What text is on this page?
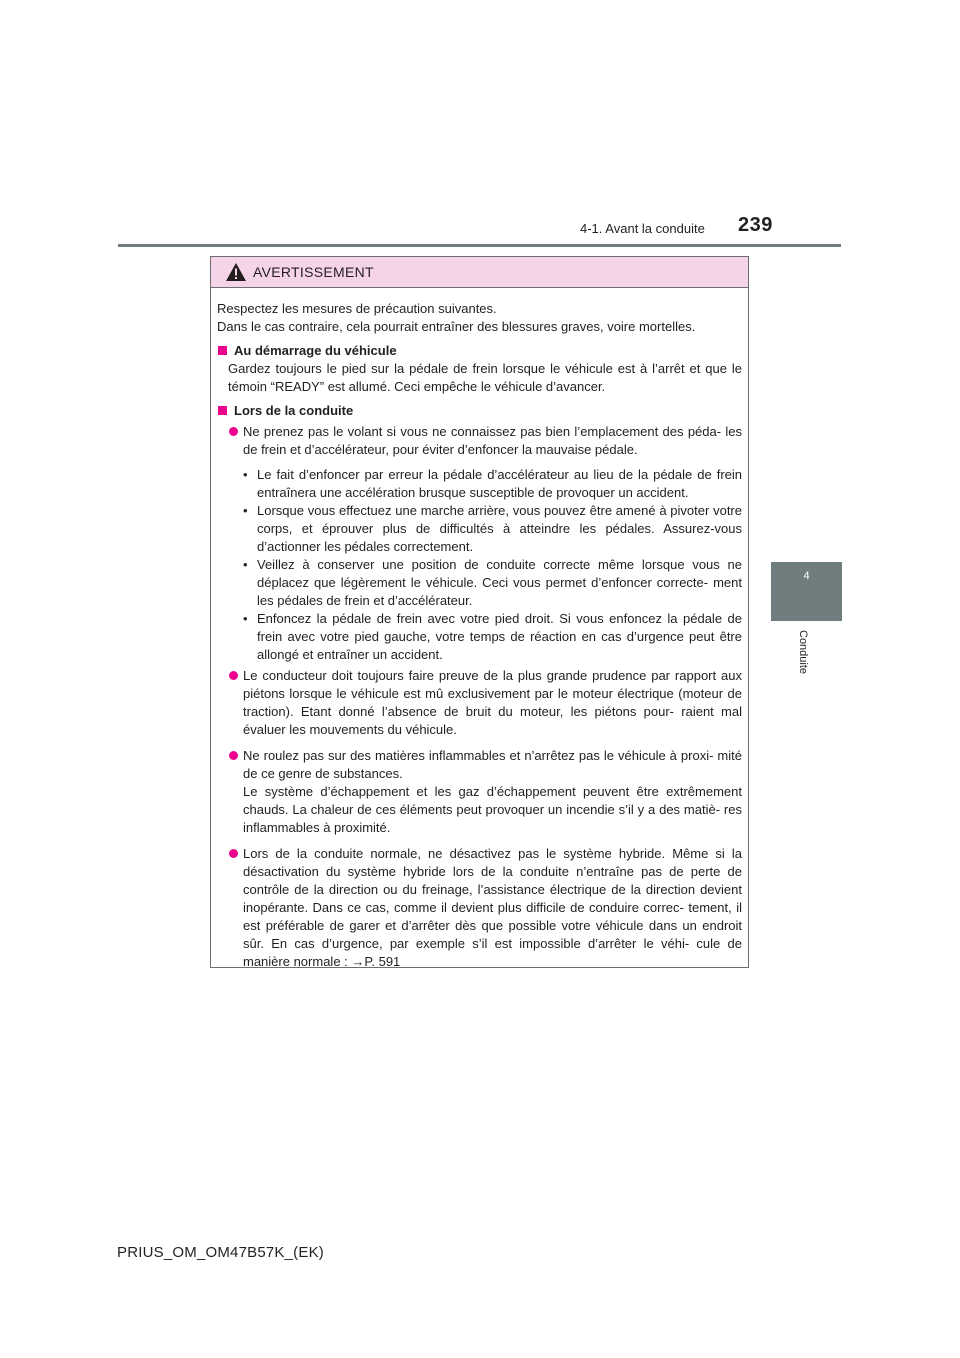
4-1. Avant la conduite 239
4
Conduite
AVERTISSEMENT

Respectez les mesures de précaution suivantes.

Dans le cas contraire, cela pourrait entraîner des blessures graves, voire mortelles.

Au démarrage du véhicule

Gardez toujours le pied sur la pédale de frein lorsque le véhicule est à l’arrêt et que le témoin “READY” est allumé. Ceci empêche le véhicule d’avancer.

Lors de la conduite
Ne prenez pas le volant si vous ne connaissez pas bien l’emplacement des péda- les de frein et d’accélérateur, pour éviter d’enfoncer la mauvaise pédale.
• Le fait d’enfoncer par erreur la pédale d’accélérateur au lieu de la pédale de frein entraînera une accélération brusque susceptible de provoquer un accident.
• Lorsque vous effectuez une marche arrière, vous pouvez être amené à pivoter votre corps, et éprouver plus de difficultés à atteindre les pédales. Assurez-vous d’actionner les pédales correctement.
• Veillez à conserver une position de conduite correcte même lorsque vous ne déplacez que légèrement le véhicule. Ceci vous permet d’enfoncer correcte- ment les pédales de frein et d’accélérateur.
• Enfoncez la pédale de frein avec votre pied droit. Si vous enfoncez la pédale de frein avec votre pied gauche, votre temps de réaction en cas d’urgence peut être allongé et entraîner un accident.
Le conducteur doit toujours faire preuve de la plus grande prudence par rapport aux piétons lorsque le véhicule est mû exclusivement par le moteur électrique (moteur de traction). Etant donné l’absence de bruit du moteur, les piétons pour- raient mal évaluer les mouvements du véhicule.
Ne roulez pas sur des matières inflammables et n’arrêtez pas le véhicule à proxi- mité de ce genre de substances.
Le système d’échappement et les gaz d’échappement peuvent être extrêmement chauds. La chaleur de ces éléments peut provoquer un incendie s’il y a des matiè- res inflammables à proximité.
Lors de la conduite normale, ne désactivez pas le système hybride. Même si la désactivation du système hybride lors de la conduite n’entraîne pas de perte de contrôle de la direction ou du freinage, l’assistance électrique de la direction devient inopérante. Dans ce cas, comme il devient plus difficile de conduire correc- tement, il est préférable de garer et d’arrêter dès que possible votre véhicule dans un endroit sûr. En cas d’urgence, par exemple s’il est impossible d’arrêter le véhi- cule de manière normale : →P. 591
PRIUS_OM_OM47B57K_(EK)
